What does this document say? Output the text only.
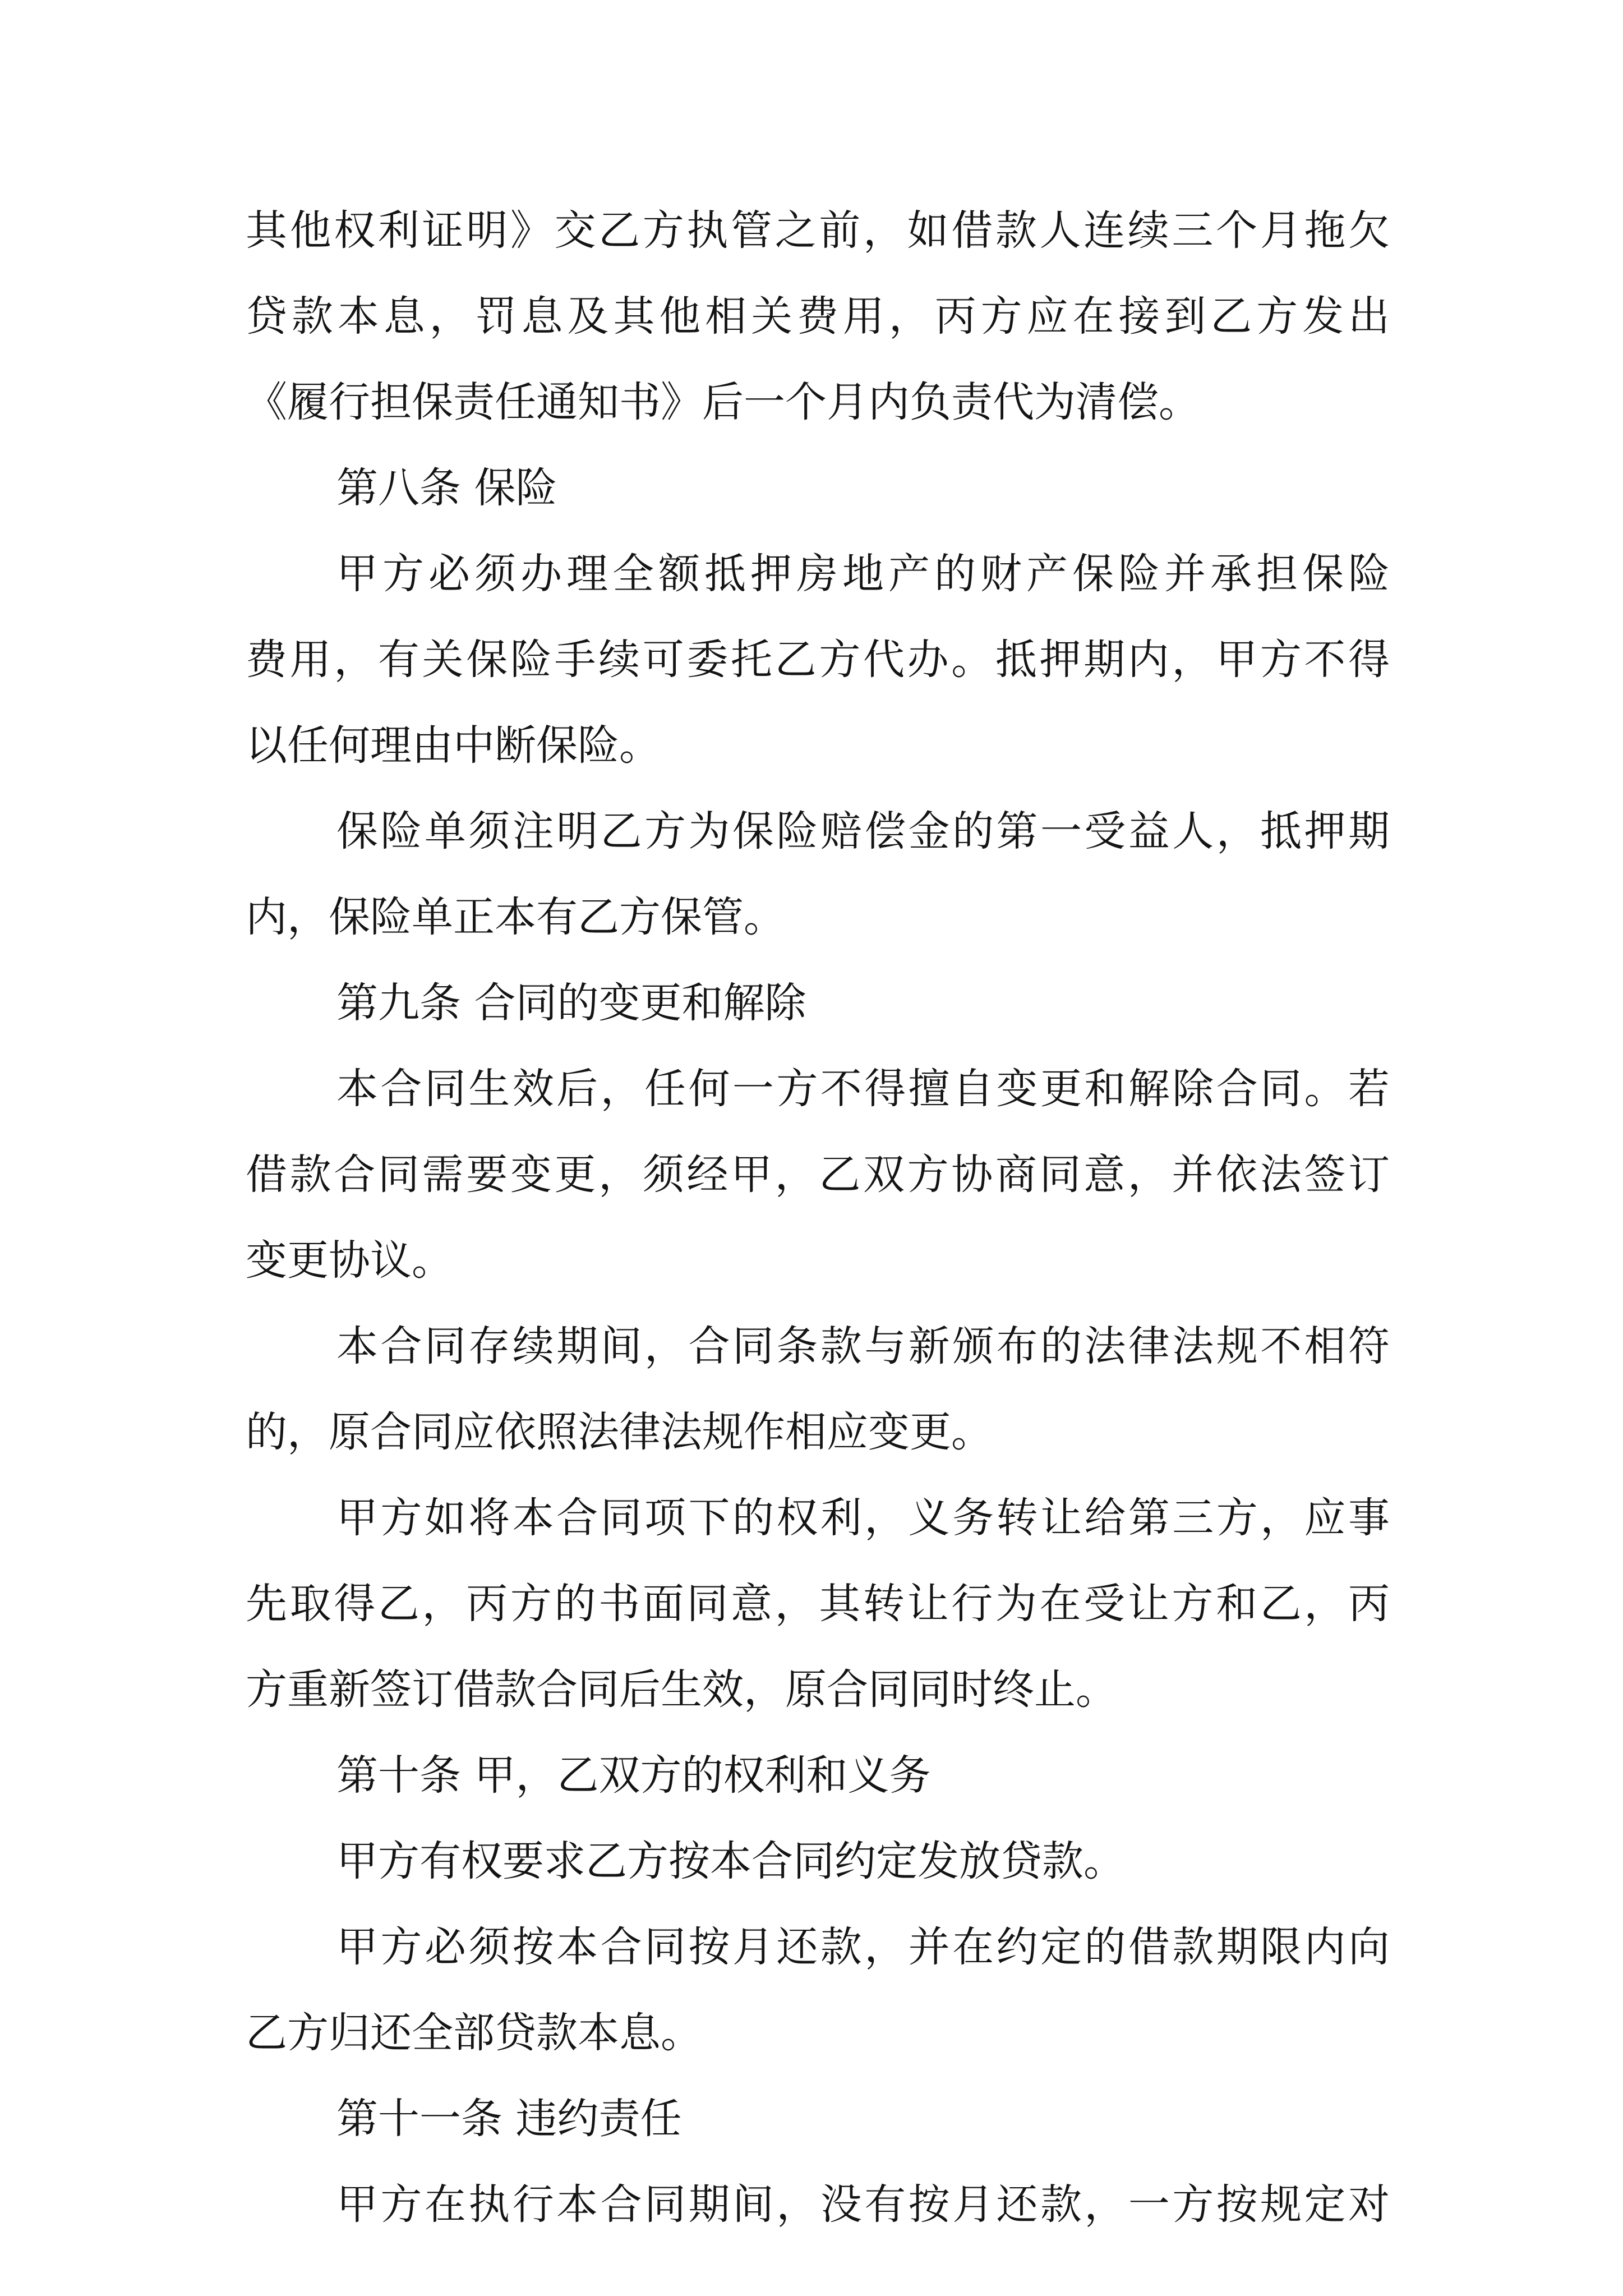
其他权利证明》交乙方执管之前，如借款人连续三个月拖欠
贷款本息，罚息及其他相关费用，丙方应在接到乙方发出
《履行担保责任通知书》后一个月内负责代为清偿。
第八条 保险
甲方必须办理全额抵押房地产的财产保险并承担保险
费用，有关保险手续可委托乙方代办。抵押期内，甲方不得
以任何理由中断保险。
保险单须注明乙方为保险赔偿金的第一受益人，抵押期
内，保险单正本有乙方保管。
第九条 合同的变更和解除
本合同生效后，任何一方不得擅自变更和解除合同。若
借款合同需要变更，须经甲，乙双方协商同意，并依法签订
变更协议。
本合同存续期间，合同条款与新颁布的法律法规不相符
的，原合同应依照法律法规作相应变更。
甲方如将本合同项下的权利，义务转让给第三方，应事
先取得乙，丙方的书面同意，其转让行为在受让方和乙，丙
方重新签订借款合同后生效，原合同同时终止。
第十条 甲，乙双方的权利和义务
甲方有权要求乙方按本合同约定发放贷款。
甲方必须按本合同按月还款，并在约定的借款期限内向
乙方归还全部贷款本息。
第十一条 违约责任
甲方在执行本合同期间，没有按月还款，一方按规定对
